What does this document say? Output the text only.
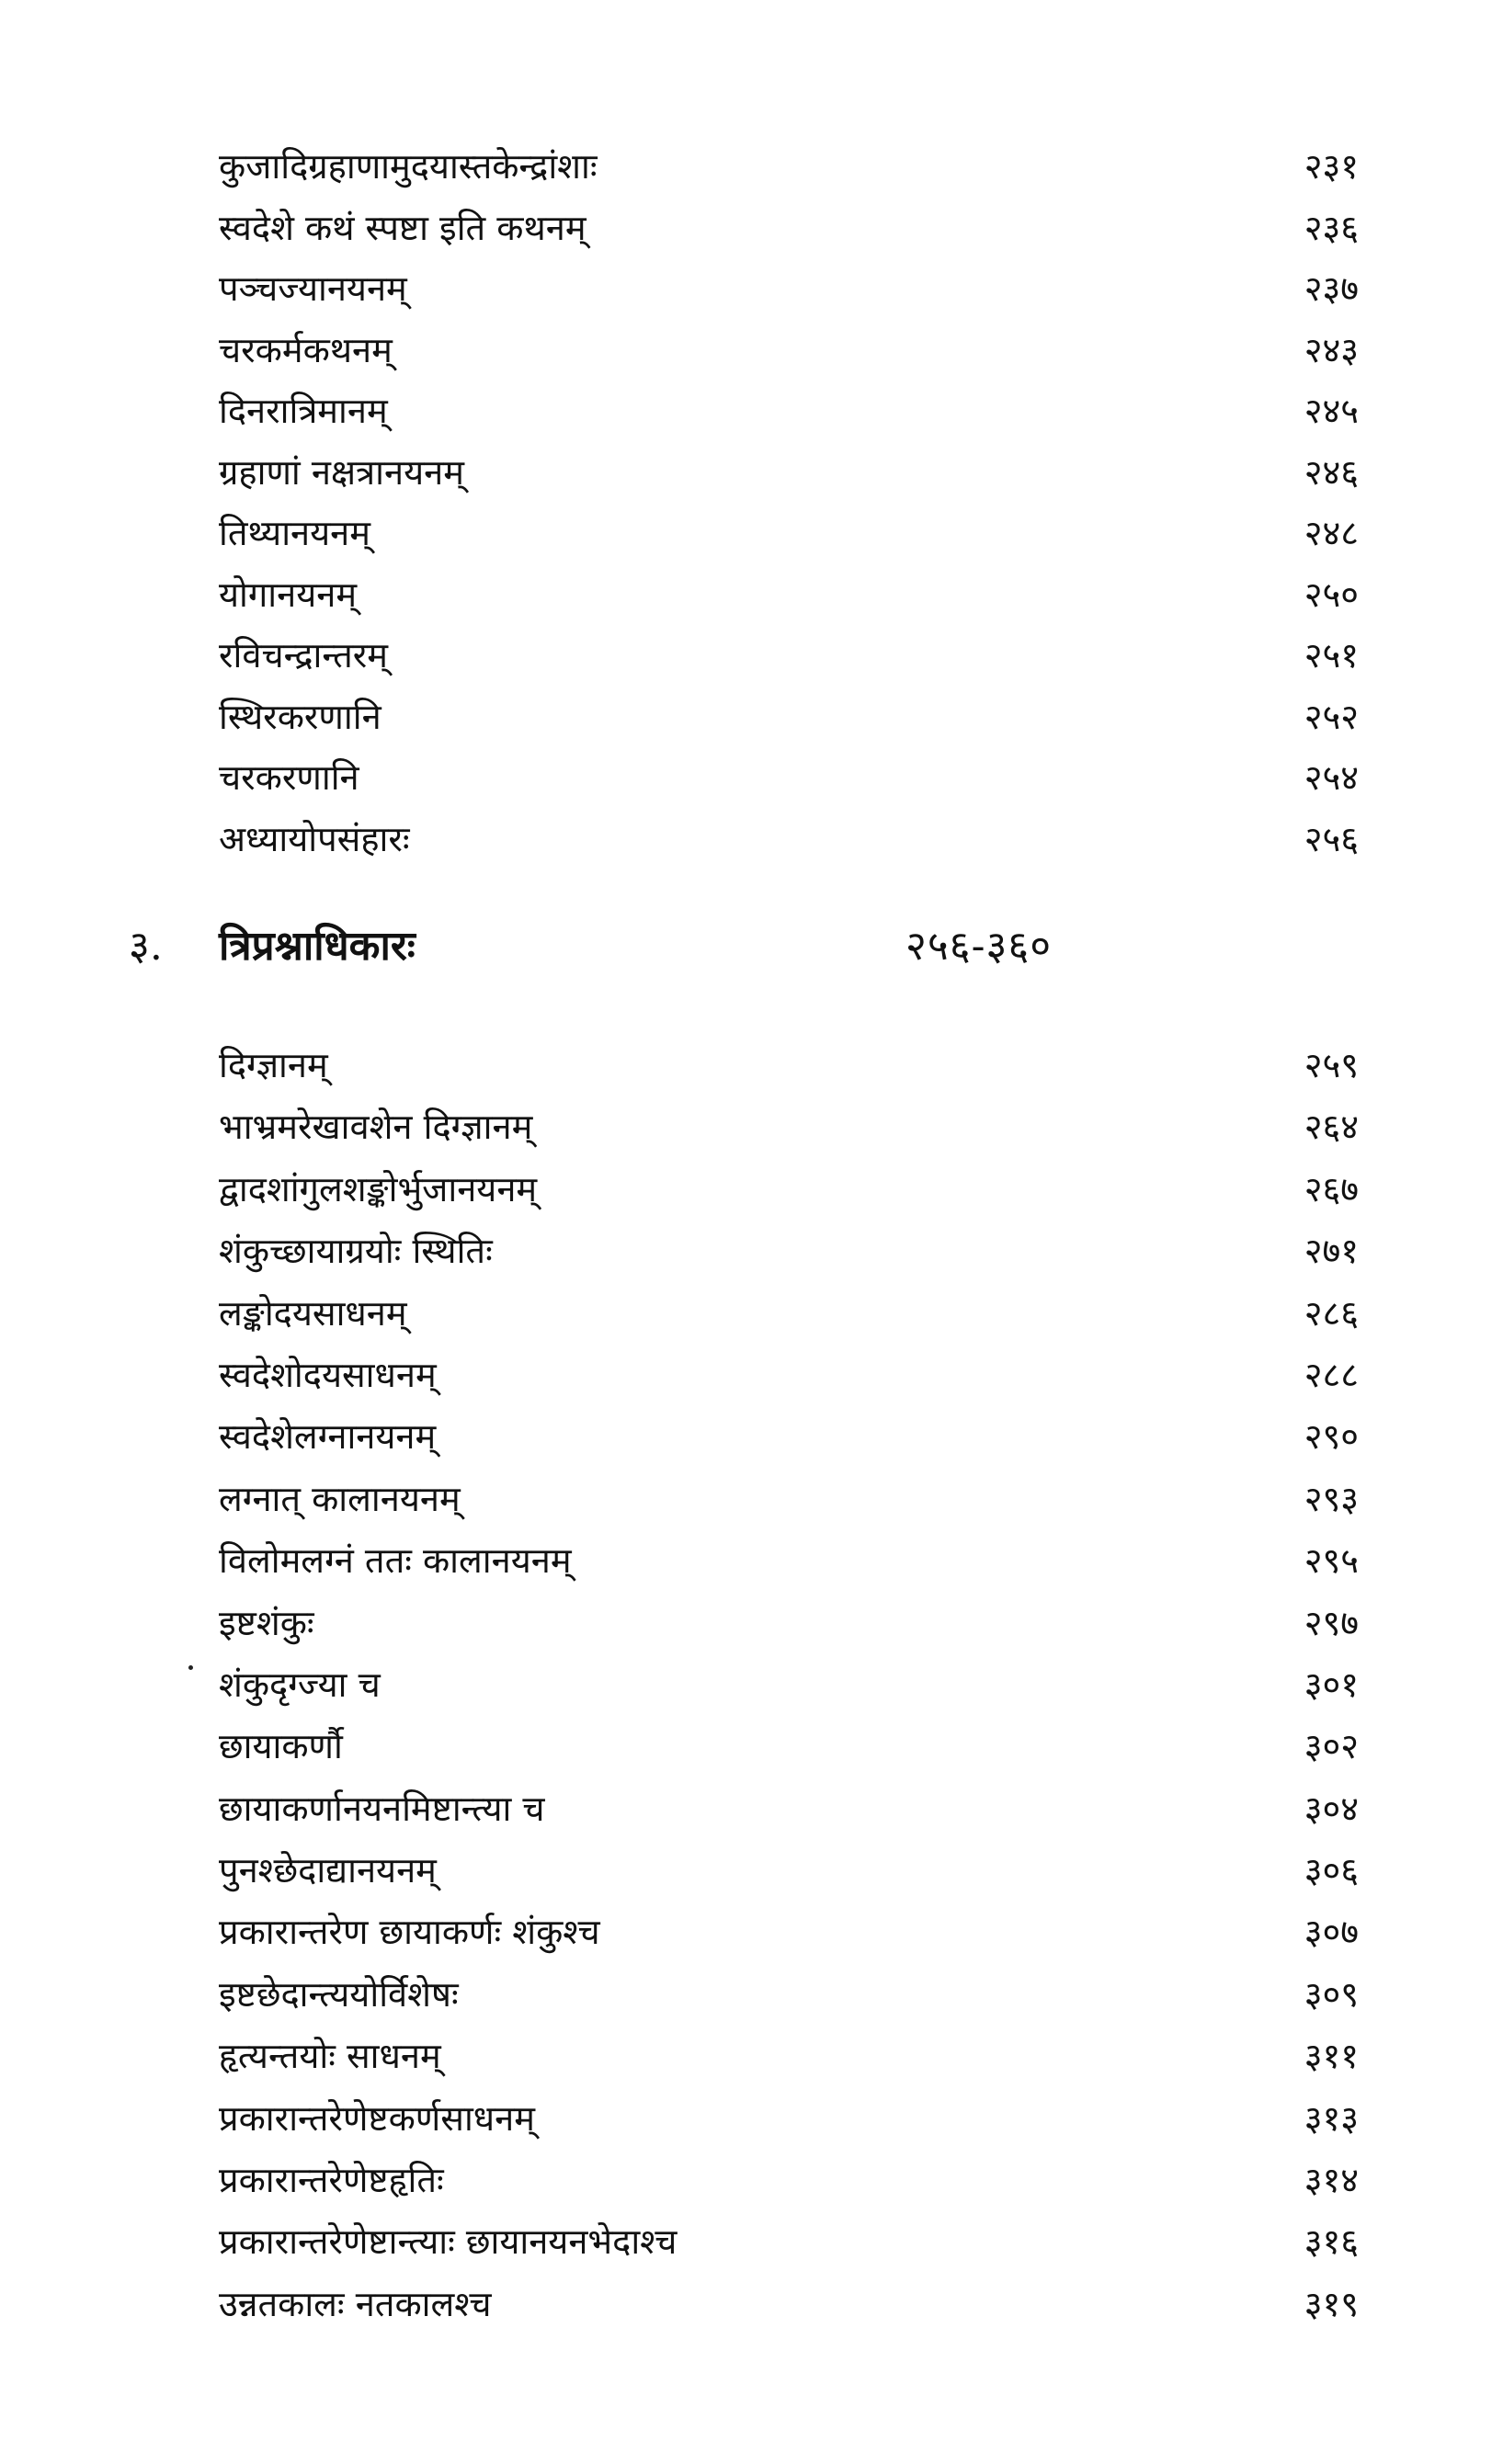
कुजादिग्रहाणामुदयास्तकेन्द्रांशाः	२३१
स्वदेशे कथं स्पष्टा इति कथनम्	२३६
पञ्चज्यानयनम्	२३७
चरकर्मकथनम्	२४३
दिनरात्रिमानम्	२४५
ग्रहाणां नक्षत्रानयनम्	२४६
तिथ्यानयनम्	२४८
योगानयनम्	२५०
रविचन्द्रान्तरम्	२५१
स्थिरकरणानि	२५२
चरकरणानि	२५४
अध्यायोपसंहारः	२५६
३. त्रिप्रश्नाधिकारः	२५६-३६०
दिग्ज्ञानम्	२५९
भाभ्रमरेखावशेन दिग्ज्ञानम्	२६४
द्वादशांगुलशङ्कोर्भुजानयनम्	२६७
शंकुच्छायाग्रयोः स्थितिः	२७१
लङ्कोदयसाधनम्	२८६
स्वदेशोदयसाधनम्	२८८
स्वदेशेलग्नानयनम्	२९०
लग्नात् कालानयनम्	२९३
विलोमलग्नं ततः कालानयनम्	२९५
इष्टशंकुः	२९७
शंकुदृग्ज्या च	३०१
छायाकर्णौ	३०२
छायाकर्णानयनमिष्टान्त्या च	३०४
पुनश्छेदाद्यानयनम्	३०६
प्रकारान्तरेण छायाकर्णः शंकुश्च	३०७
इष्टछेदान्त्ययोर्विशेषः	३०९
हृत्यन्तयोः साधनम्	३११
प्रकारान्तरेणेष्टकर्णसाधनम्	३१३
प्रकारान्तरेणेष्टहृतिः	३१४
प्रकारान्तरेणेष्टान्त्याः छायानयनभेदाश्च	३१६
उन्नतकालः नतकालश्च	३१९
